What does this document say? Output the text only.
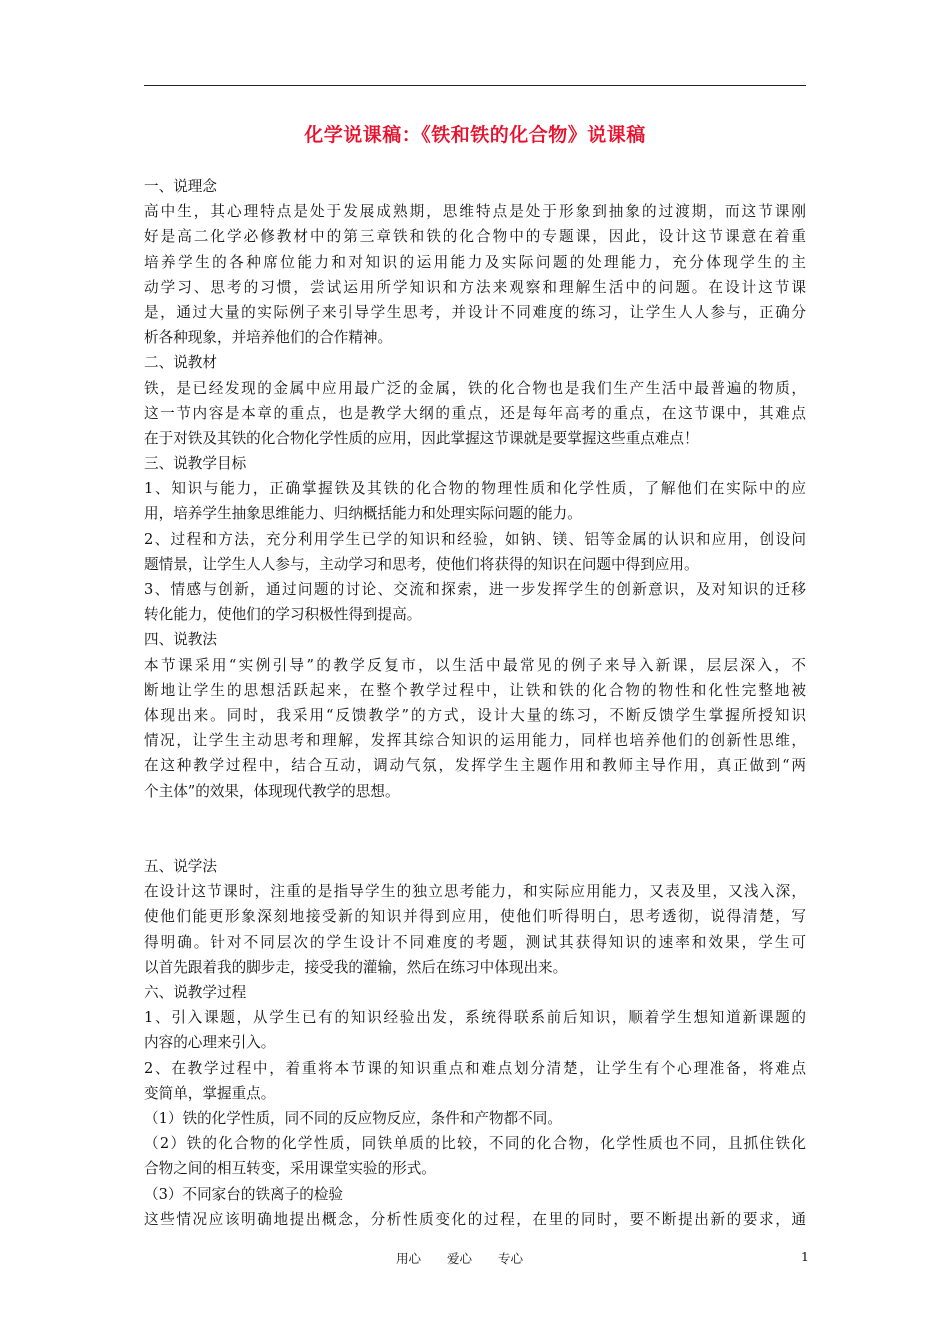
化学说课稿：《铁和铁的化合物》说课稿
一、说理念
高中生，其心理特点是处于发展成熟期，思维特点是处于形象到抽象的过渡期，而这节课刚
好是高二化学必修教材中的第三章铁和铁的化合物中的专题课，因此，设计这节课意在着重
培养学生的各种席位能力和对知识的运用能力及实际问题的处理能力，充分体现学生的主
动学习、思考的习惯，尝试运用所学知识和方法来观察和理解生活中的问题。在设计这节课
是，通过大量的实际例子来引导学生思考，并设计不同难度的练习，让学生人人参与，正确分
析各种现象，并培养他们的合作精神。
二、说教材
铁，是已经发现的金属中应用最广泛的金属，铁的化合物也是我们生产生活中最普遍的物质，
这一节内容是本章的重点，也是教学大纲的重点，还是每年高考的重点，在这节课中，其难点
在于对铁及其铁的化合物化学性质的应用，因此掌握这节课就是要掌握这些重点难点！
三、说教学目标
1、知识与能力，正确掌握铁及其铁的化合物的物理性质和化学性质，了解他们在实际中的应
用，培养学生抽象思维能力、归纳概括能力和处理实际问题的能力。
2、过程和方法，充分利用学生已学的知识和经验，如钠、镁、铝等金属的认识和应用，创设问
题情景，让学生人人参与，主动学习和思考，使他们将获得的知识在问题中得到应用。
3、情感与创新，通过问题的讨论、交流和探索，进一步发挥学生的创新意识，及对知识的迁移
转化能力，使他们的学习积极性得到提高。
四、说教法
本节课采用“实例引导”的教学反复市，以生活中最常见的例子来导入新课，层层深入，不
断地让学生的思想活跃起来，在整个教学过程中，让铁和铁的化合物的物性和化性完整地被
体现出来。同时，我采用“反馈教学”的方式，设计大量的练习，不断反馈学生掌握所授知识
情况，让学生主动思考和理解，发挥其综合知识的运用能力，同样也培养他们的创新性思维，
在这种教学过程中，结合互动，调动气氛，发挥学生主题作用和教师主导作用，真正做到“两
个主体”的效果，体现现代教学的思想。
五、说学法
在设计这节课时，注重的是指导学生的独立思考能力，和实际应用能力，又表及里，又浅入深，
使他们能更形象深刻地接受新的知识并得到应用，使他们听得明白，思考透彻，说得清楚，写
得明确。针对不同层次的学生设计不同难度的考题，测试其获得知识的速率和效果，学生可
以首先跟着我的脚步走，接受我的灌输，然后在练习中体现出来。
六、说教学过程
1、引入课题，从学生已有的知识经验出发，系统得联系前后知识，顺着学生想知道新课题的
内容的心理来引入。
2、在教学过程中，着重将本节课的知识重点和难点划分清楚，让学生有个心理准备，将难点
变简单，掌握重点。
（1）铁的化学性质，同不同的反应物反应，条件和产物都不同。
（2）铁的化合物的化学性质，同铁单质的比较，不同的化合物，化学性质也不同，且抓住铁化
合物之间的相互转变，采用课堂实验的形式。
（3）不同家台的铁离子的检验
这些情况应该明确地提出概念，分析性质变化的过程，在里的同时，要不断提出新的要求，通
用心 爱心 专心	1
